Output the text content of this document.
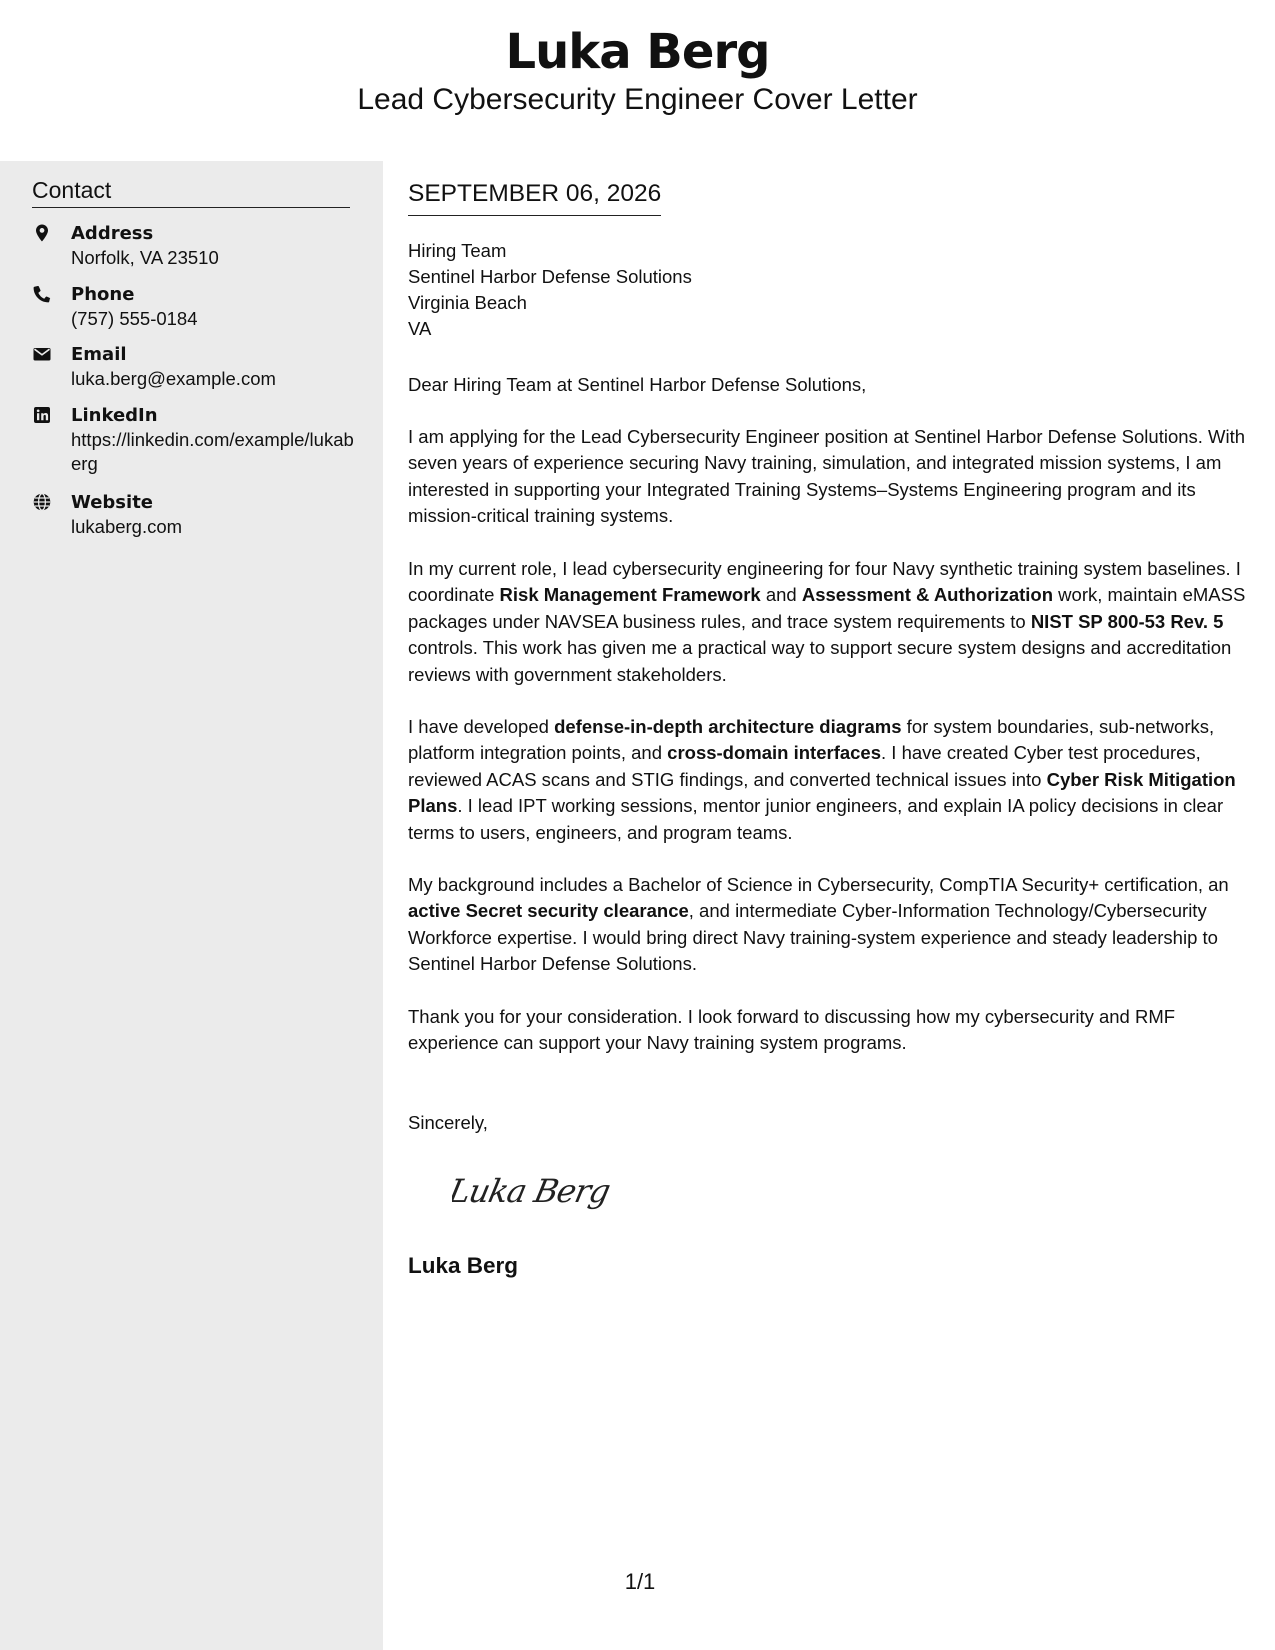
Luka Berg
Lead Cybersecurity Engineer Cover Letter
Contact
Address
Norfolk, VA 23510
Phone
(757) 555-0184
Email
luka.berg@example.com
LinkedIn
https://linkedin.com/example/lukaberg
Website
lukaberg.com
SEPTEMBER 06, 2026
Hiring Team
Sentinel Harbor Defense Solutions
Virginia Beach
VA
Dear Hiring Team at Sentinel Harbor Defense Solutions,
I am applying for the Lead Cybersecurity Engineer position at Sentinel Harbor Defense Solutions. With seven years of experience securing Navy training, simulation, and integrated mission systems, I am interested in supporting your Integrated Training Systems–Systems Engineering program and its mission-critical training systems.
In my current role, I lead cybersecurity engineering for four Navy synthetic training system baselines. I coordinate Risk Management Framework and Assessment & Authorization work, maintain eMASS packages under NAVSEA business rules, and trace system requirements to NIST SP 800-53 Rev. 5 controls. This work has given me a practical way to support secure system designs and accreditation reviews with government stakeholders.
I have developed defense-in-depth architecture diagrams for system boundaries, sub-networks, platform integration points, and cross-domain interfaces. I have created Cyber test procedures, reviewed ACAS scans and STIG findings, and converted technical issues into Cyber Risk Mitigation Plans. I lead IPT working sessions, mentor junior engineers, and explain IA policy decisions in clear terms to users, engineers, and program teams.
My background includes a Bachelor of Science in Cybersecurity, CompTIA Security+ certification, an active Secret security clearance, and intermediate Cyber-Information Technology/Cybersecurity Workforce expertise. I would bring direct Navy training-system experience and steady leadership to Sentinel Harbor Defense Solutions.
Thank you for your consideration. I look forward to discussing how my cybersecurity and RMF experience can support your Navy training system programs.
Sincerely,
Luka Berg
Luka Berg
1/1
